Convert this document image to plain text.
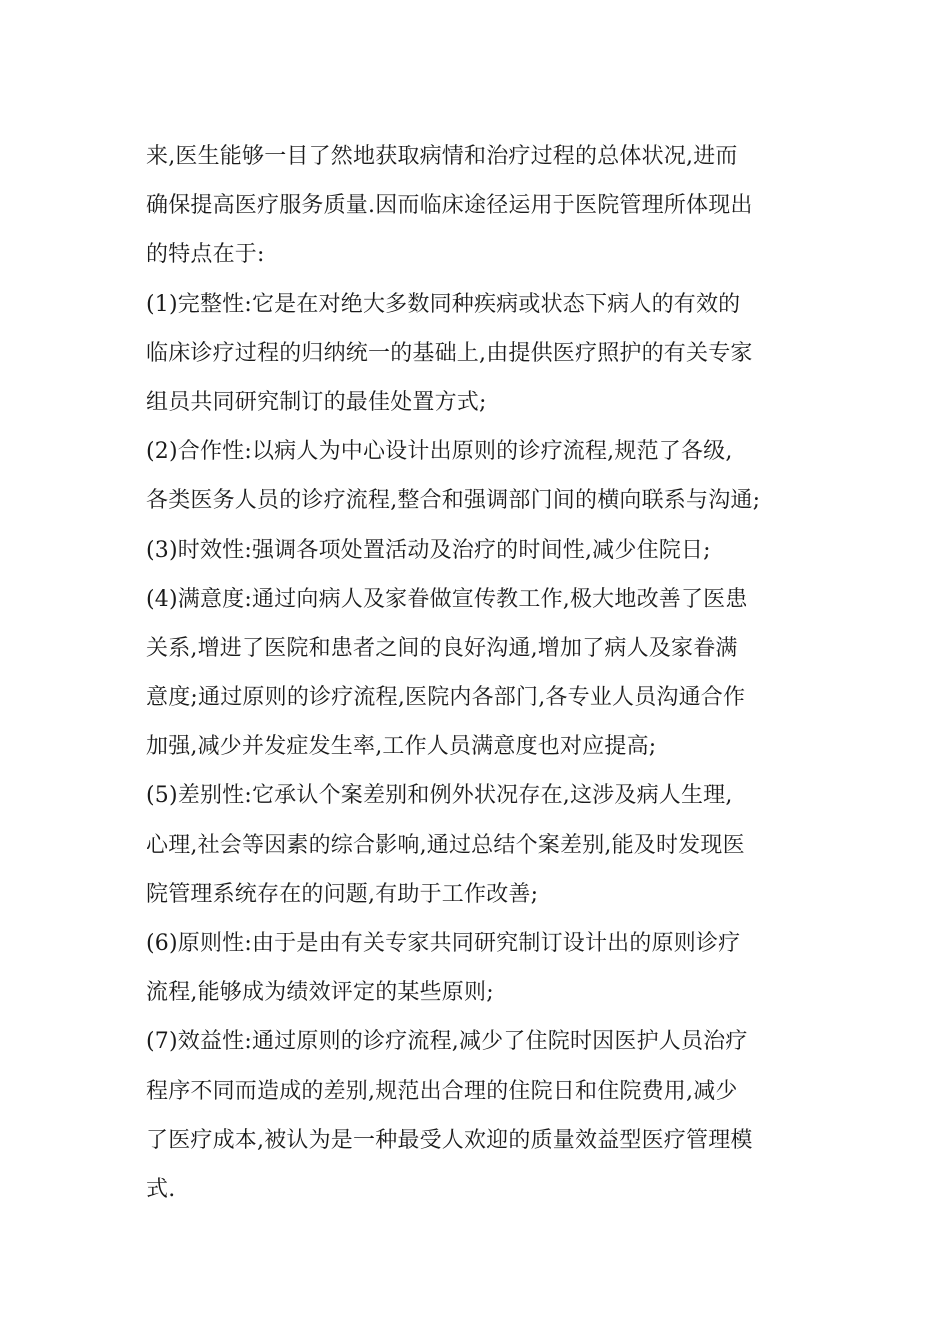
来,医生能够一目了然地获取病情和治疗过程的总体状况,进而
确保提高医疗服务质量.因而临床途径运用于医院管理所体现出
的特点在于:
(1)完整性:它是在对绝大多数同种疾病或状态下病人的有效的
临床诊疗过程的归纳统一的基础上,由提供医疗照护的有关专家
组员共同研究制订的最佳处置方式;
(2)合作性:以病人为中心设计出原则的诊疗流程,规范了各级,
各类医务人员的诊疗流程,整合和强调部门间的横向联系与沟通;
(3)时效性:强调各项处置活动及治疗的时间性,减少住院日;
(4)满意度:通过向病人及家眷做宣传教工作,极大地改善了医患
关系,增进了医院和患者之间的良好沟通,增加了病人及家眷满
意度;通过原则的诊疗流程,医院内各部门,各专业人员沟通合作
加强,减少并发症发生率,工作人员满意度也对应提高;
(5)差别性:它承认个案差别和例外状况存在,这涉及病人生理,
心理,社会等因素的综合影响,通过总结个案差别,能及时发现医
院管理系统存在的问题,有助于工作改善;
(6)原则性:由于是由有关专家共同研究制订设计出的原则诊疗
流程,能够成为绩效评定的某些原则;
(7)效益性:通过原则的诊疗流程,减少了住院时因医护人员治疗
程序不同而造成的差别,规范出合理的住院日和住院费用,减少
了医疗成本,被认为是一种最受人欢迎的质量效益型医疗管理模
式.
